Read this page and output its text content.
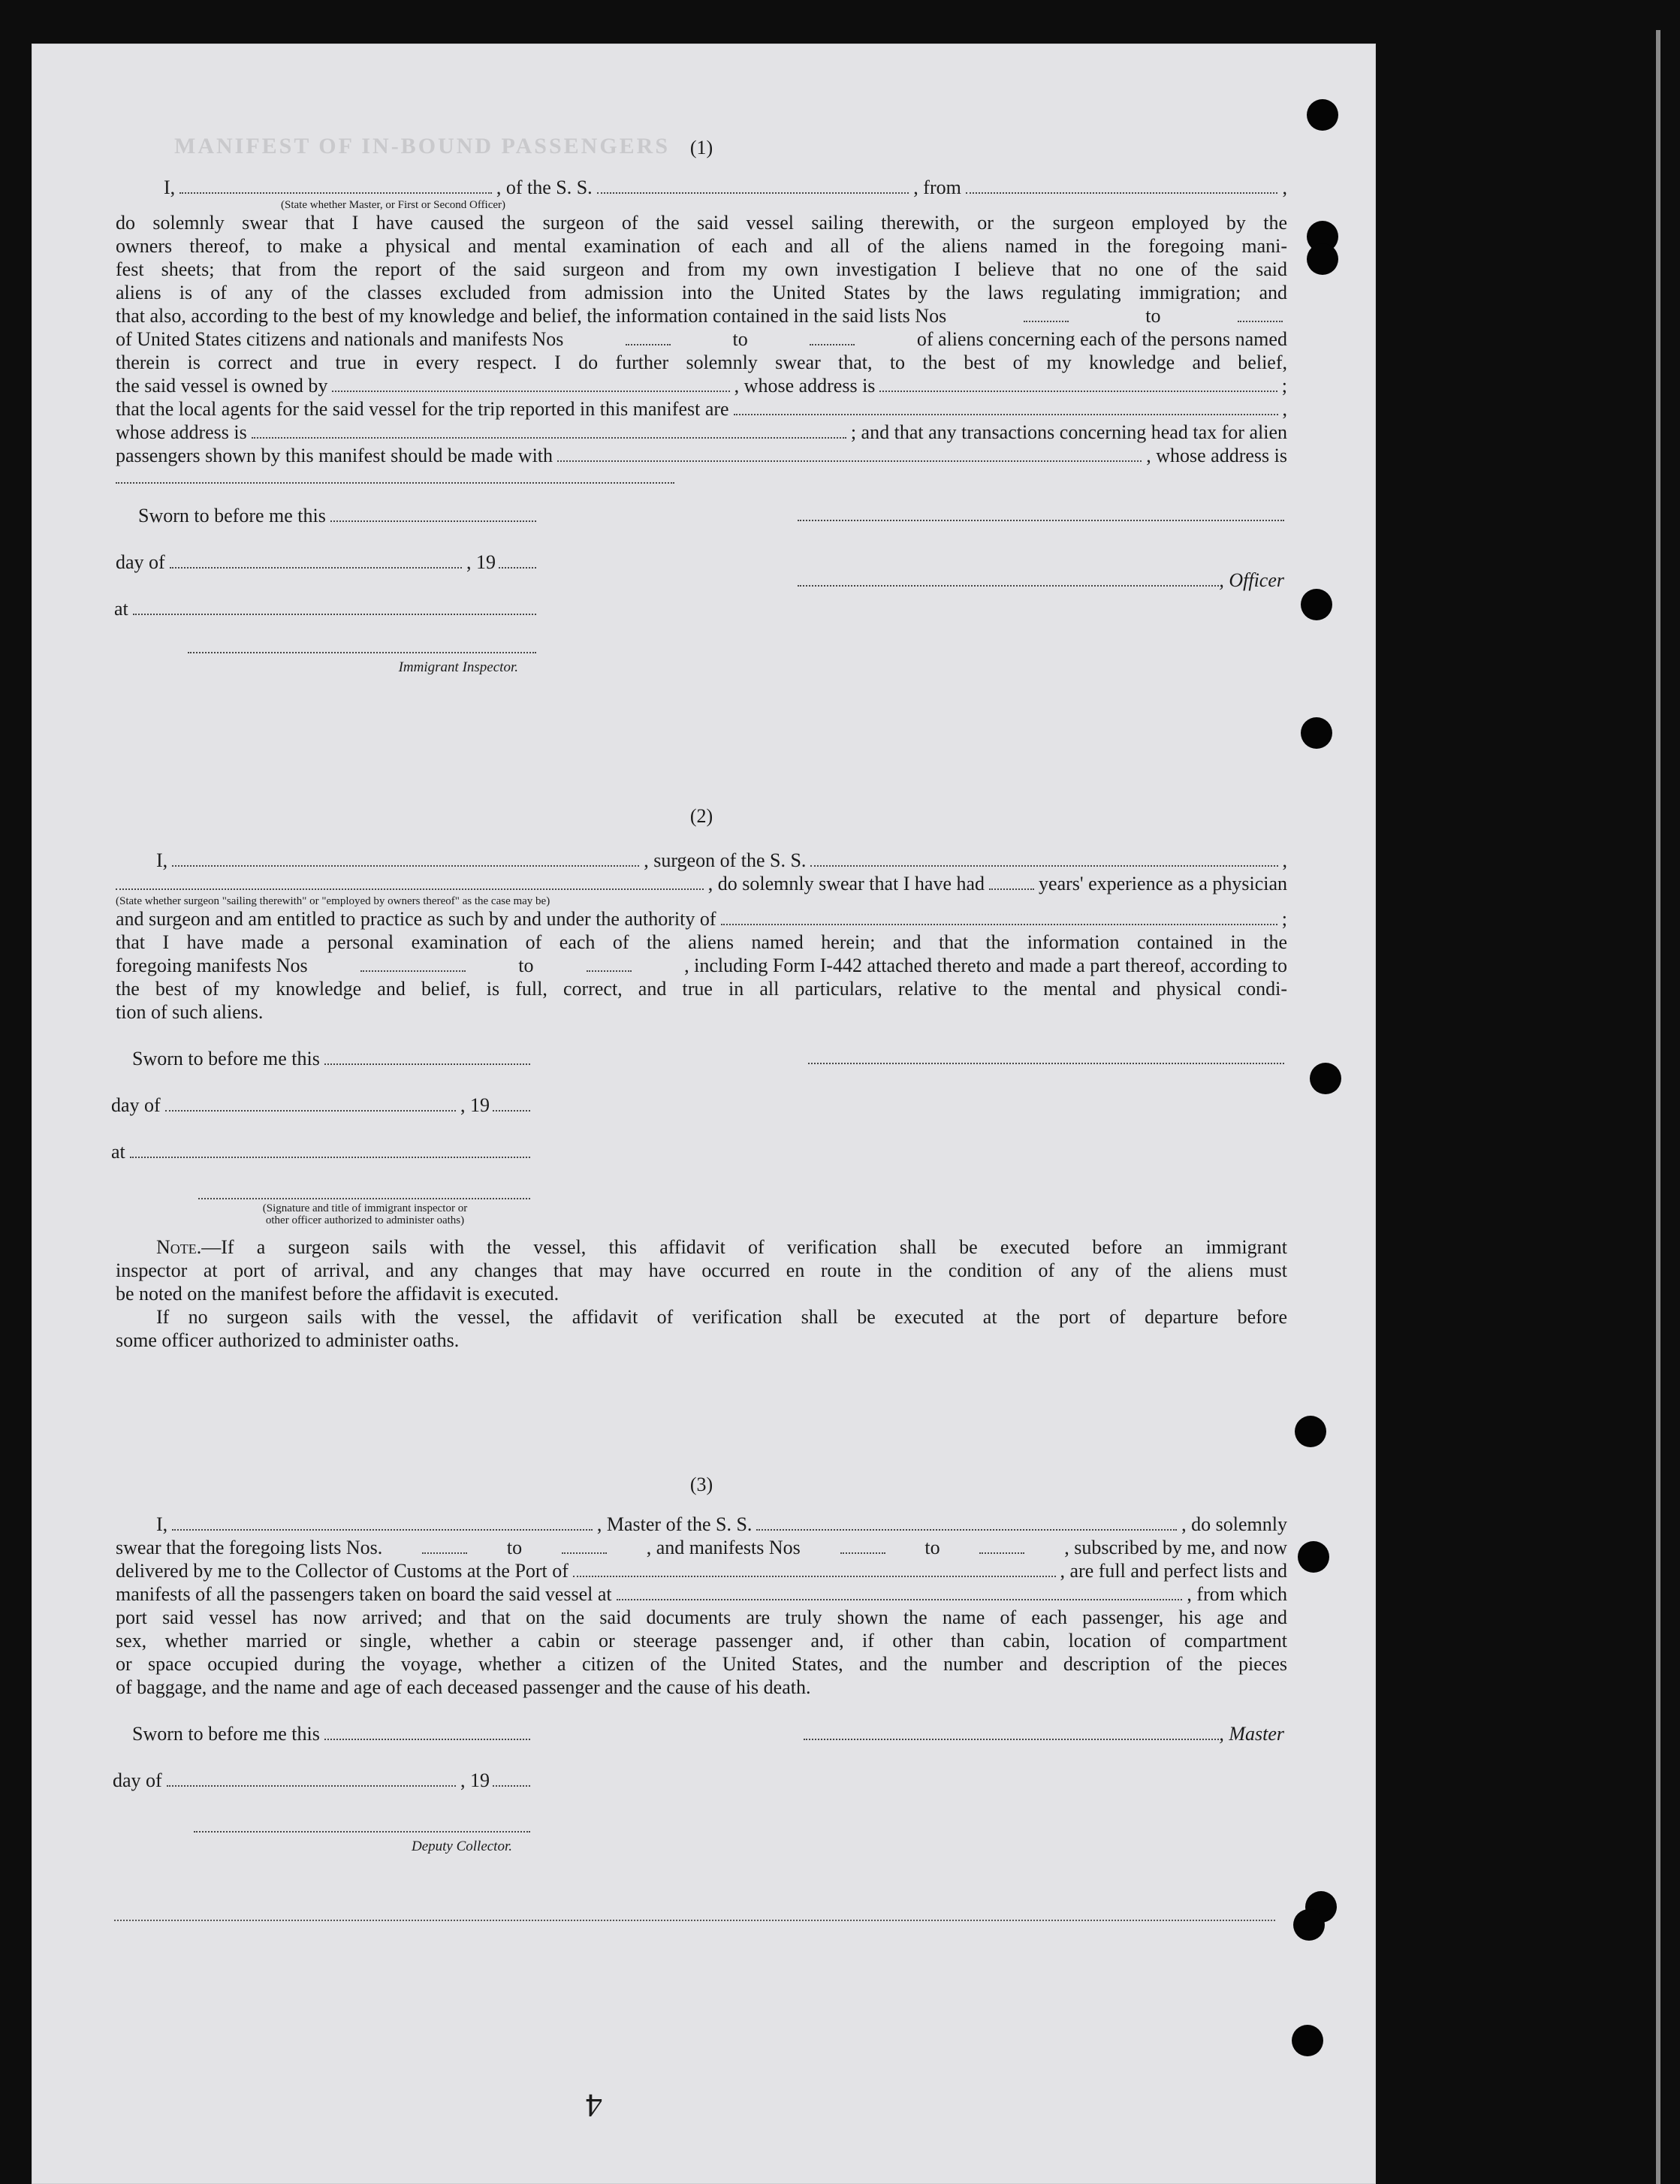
MANIFEST OF IN-BOUND PASSENGERS	(1)
I,	, of the S. S.	, from	,
(State whether Master, or First or Second Officer)

do solemnly swear that I have caused the surgeon of the said vessel sailing therewith, or the surgeon employed by the

owners thereof, to make a physical and mental examination of each and all of the aliens named in the foregoing mani-

fest sheets; that from the report of the said surgeon and from my own investigation I believe that no one of the said

aliens is of any of the classes excluded from admission into the United States by the laws regulating immigration; and

that also, according to the best of my knowledge and belief, the information contained in the said lists Nos	to
of United States citizens and nationals and manifests Nos	to	of aliens concerning each of the persons named

therein is correct and true in every respect. I do further solemnly swear that, to the best of my knowledge and belief,

the said vessel is owned by	, whose address is	;
that the local agents for the said vessel for the trip reported in this manifest are	,
whose address is	; and that any transactions concerning head tax for alien
passengers shown by this manifest should be made with	, whose address is
Sworn to before me this
day of	, 19
, Officer
at
Immigrant Inspector.
(2)
I,	, surgeon of the S. S.	,
, do solemnly swear that I have had	years' experience as a physician
(State whether surgeon "sailing therewith" or "employed by owners thereof" as the case may be)
and surgeon and am entitled to practice as such by and under the authority of	;

that I have made a personal examination of each of the aliens named herein; and that the information contained in the

foregoing manifests Nos	to	, including Form I-442 attached thereto and made a part thereof, according to

the best of my knowledge and belief, is full, correct, and true in all particulars, relative to the mental and physical condi-

tion of such aliens.

Sworn to before me this
day of	, 19
at
(Signature and title of immigrant inspector or
other officer authorized to administer oaths)

Note.—If a surgeon sails with the vessel, this affidavit of verification shall be executed before an immigrant

inspector at port of arrival, and any changes that may have occurred en route in the condition of any of the aliens must

be noted on the manifest before the affidavit is executed.

If no surgeon sails with the vessel, the affidavit of verification shall be executed at the port of departure before

some officer authorized to administer oaths.

(3)
I,	, Master of the S. S.	, do solemnly
swear that the foregoing lists Nos.	to	, and manifests Nos	to	, subscribed by me, and now
delivered by me to the Collector of Customs at the Port of	, are full and perfect lists and
manifests of all the passengers taken on board the said vessel at	, from which

port said vessel has now arrived; and that on the said documents are truly shown the name of each passenger, his age and

sex, whether married or single, whether a cabin or steerage passenger and, if other than cabin, location of compartment

or space occupied during the voyage, whether a citizen of the United States, and the number and description of the pieces

of baggage, and the name and age of each deceased passenger and the cause of his death.

Sworn to before me this	, Master
day of	, 19
Deputy Collector.
4
